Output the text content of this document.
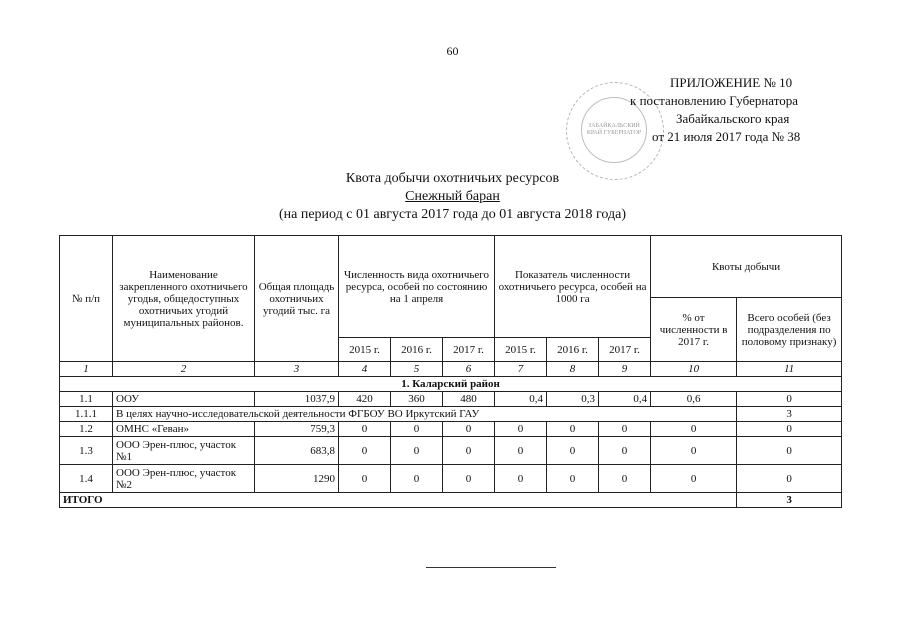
60
ЗАБАЙКАЛЬСКИЙ КРАЙ ГУБЕРНАТОР
ПРИЛОЖЕНИЕ № 10
к постановлению Губернатора
Забайкальского края
от 21 июля 2017 года № 38
Квота добычи охотничьих ресурсов
Снежный баран
(на период с 01 августа 2017 года до 01 августа 2018 года)
№ п/п	Наименование закрепленного охотничьего угодья, общедоступных охотничьих угодий муниципальных районов.	Общая площадь охотничьих угодий тыс. га	Численность вида охотничьего ресурса, особей по состоянию на 1 апреля			Показатель численности охотничьего ресурса, особей на 1000 га			Квоты добычи	
									% от численности в 2017 г.	Всего особей (без подразделения по половому признаку)
			2015 г.	2016 г.	2017 г.	2015 г.	2016 г.	2017 г.		
1	2	3	4	5	6	7	8	9	10	11
1. Каларский район										
1.1	ООУ	1037,9	420	360	480	0,4	0,3	0,4	0,6	0
1.1.1	В целях научно-исследовательской деятельности ФГБОУ ВО Иркутский ГАУ									3
1.2	ОМНС «Геван»	759,3	0	0	0	0	0	0	0	0
1.3	ООО Эрен-плюс, участок №1	683,8	0	0	0	0	0	0	0	0
1.4	ООО Эрен-плюс, участок №2	1290	0	0	0	0	0	0	0	0
ИТОГО										3
